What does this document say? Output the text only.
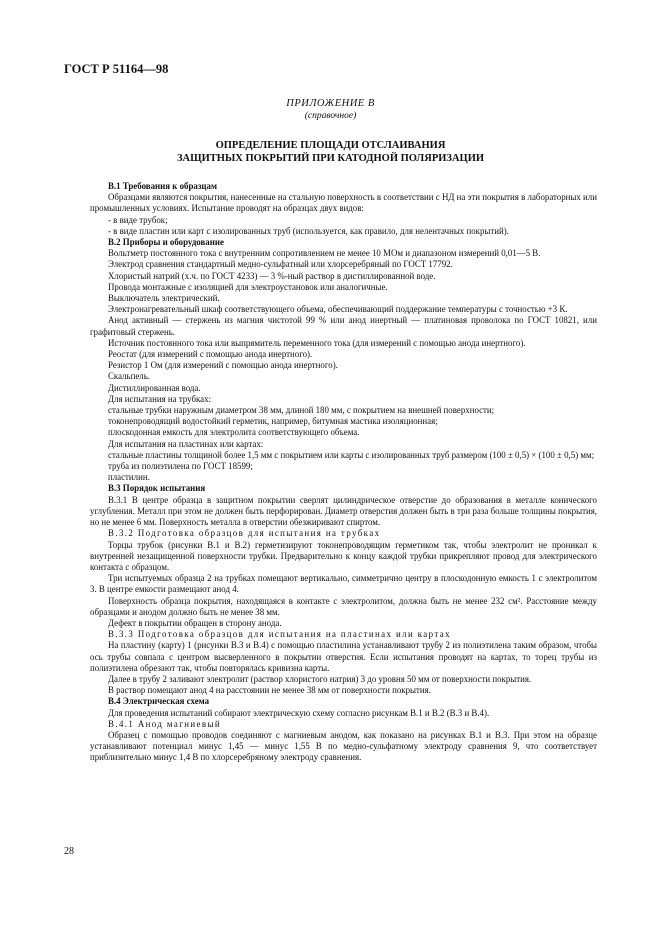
ГОСТ Р 51164—98
ПРИЛОЖЕНИЕ В
(справочное)
ОПРЕДЕЛЕНИЕ ПЛОЩАДИ ОТСЛАИВАНИЯ
ЗАЩИТНЫХ ПОКРЫТИЙ ПРИ КАТОДНОЙ ПОЛЯРИЗАЦИИ

В.1 Требования к образцам

Образцами являются покрытия, нанесенные на стальную поверхность в соответствии с НД на эти покрытия в лабораторных или промышленных условиях. Испытание проводят на образцах двух видов:

- в виде трубок;

- в виде пластин или карт с изолированных труб (используется, как правило, для нелентачных покрытий).

В.2 Приборы и оборудование

Вольтметр постоянного тока с внутренним сопротивлением не менее 10 МОм и диапазоном измерений 0,01—5 В.

Электрод сравнения стандартный медно-сульфатный или хлорсеребряный по ГОСТ 17792.

Хлористый натрий (х.ч. по ГОСТ 4233) — 3 %-ный раствор в дистиллированной воде.

Провода монтажные с изоляцией для электроустановок или аналогичные.

Выключатель электрический.

Электронагревательный шкаф соответствующего объема, обеспечивающий поддержание температуры с точностью +3 К.

Анод активный — стержень из магния чистотой 99 % или анод инертный — платиновая проволока по ГОСТ 10821, или графитовый стержень.

Источник постоянного тока или выпрямитель переменного тока (для измерений с помощью анода инертного).

Реостат (для измерений с помощью анода инертного).

Резистор 1 Ом (для измерений с помощью анода инертного).

Скальпель.

Дистиллированная вода.

Для испытания на трубках:

стальные трубки наружным диаметром 38 мм, длиной 180 мм, с покрытием на внешней поверхности;

токонепроводящий водостойкий герметик, например, битумная мастика изоляционная;

плоскодонная емкость для электролита соответствующего объема.

Для испытания на пластинах или картах:

стальные пластины толщиной более 1,5 мм с покрытием или карты с изолированных труб размером (100 ± 0,5) × (100 ± 0,5) мм;

труба из полиэтилена по ГОСТ 18599;

пластилин.

В.3 Порядок испытания

В.3.1 В центре образца в защитном покрытии сверлят цилиндрическое отверстие до образования в металле конического углубления. Металл при этом не должен быть перфорирован. Диаметр отверстия должен быть в три раза больше толщины покрытия, но не менее 6 мм. Поверхность металла в отверстии обезжиривают спиртом.

В.3.2 Подготовка образцов для испытания на трубках

Торцы трубок (рисунки В.1 и В.2) герметизируют токонепроводящим герметиком так, чтобы электролит не проникал к внутренней незащищенной поверхности трубки. Предварительно к концу каждой трубки прикрепляют провод для электрического контакта с образцом.

Три испытуемых образца 2 на трубках помещают вертикально, симметрично центру в плоскодонную емкость 1 с электролитом 3. В центре емкости размещают анод 4.

Поверхность образца покрытия, находящаяся в контакте с электролитом, должна быть не менее 232 см². Расстояние между образцами и анодом должно быть не менее 38 мм.

Дефект в покрытии обращен в сторону анода.

В.3.3 Подготовка образцов для испытания на пластинах или картах

На пластину (карту) 1 (рисунки В.3 и В.4) с помощью пластилина устанавливают трубу 2 из полиэтилена таким образом, чтобы ось трубы совпала с центром высверленного в покрытии отверстия. Если испытания проводят на картах, то торец трубы из полиэтилена обрезают так, чтобы повторялась кривизна карты.

Далее в трубу 2 заливают электролит (раствор хлористого натрия) 3 до уровня 50 мм от поверхности покрытия.

В раствор помещают анод 4 на расстоянии не менее 38 мм от поверхности покрытия.

В.4 Электрическая схема

Для проведения испытаний собирают электрическую схему согласно рисункам В.1 и В.2 (В.3 и В.4).

В.4.1 Анод магниевый

Образец с помощью проводов соединяют с магниевым анодом, как показано на рисунках В.1 и В.3. При этом на образце устанавливают потенциал минус 1,45 — минус 1,55 В по медно-сульфатному электроду сравнения 9, что соответствует приблизительно минус 1,4 В по хлорсеребряному электроду сравнения.

28
